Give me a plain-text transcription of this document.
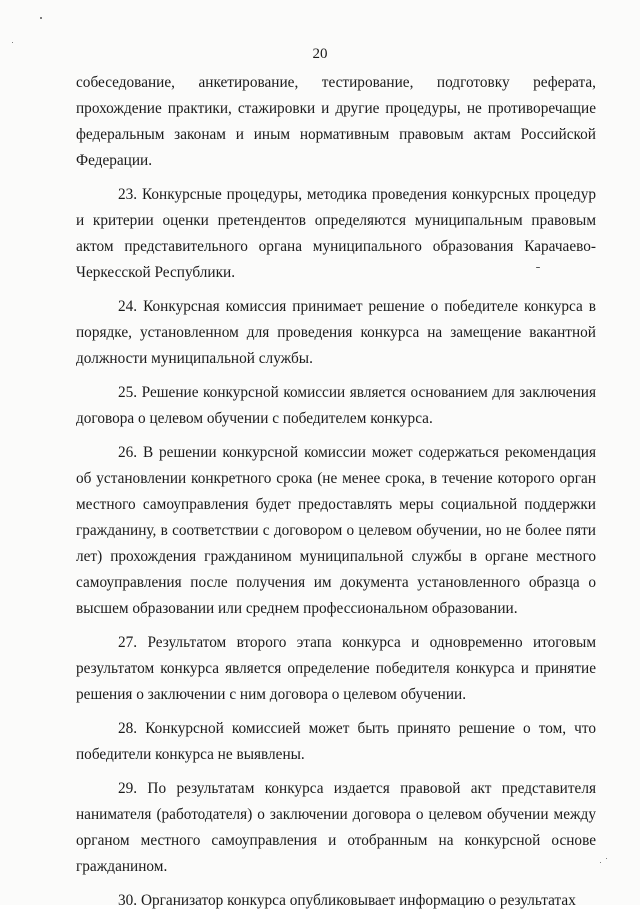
20

собеседование, анкетирование, тестирование, подготовку реферата, прохождение практики, стажировки и другие процедуры, не противоречащие федеральным законам и иным нормативным правовым актам Российской Федерации.

23. Конкурсные процедуры, методика проведения конкурсных процедур и критерии оценки претендентов определяются муниципальным правовым актом представительного органа муниципального образования Карачаево-Черкесской Республики.

24. Конкурсная комиссия принимает решение о победителе конкурса в порядке, установленном для проведения конкурса на замещение вакантной должности муниципальной службы.

25. Решение конкурсной комиссии является основанием для заключения договора о целевом обучении с победителем конкурса.

26. В решении конкурсной комиссии может содержаться рекомендация об установлении конкретного срока (не менее срока, в течение которого орган местного самоуправления будет предоставлять меры социальной поддержки гражданину, в соответствии с договором о целевом обучении, но не более пяти лет) прохождения гражданином муниципальной службы в органе местного самоуправления после получения им документа установленного образца о высшем образовании или среднем профессиональном образовании.

27. Результатом второго этапа конкурса и одновременно итоговым результатом конкурса является определение победителя конкурса и принятие решения о заключении с ним договора о целевом обучении.

28. Конкурсной комиссией может быть принято решение о том, что победители конкурса не выявлены.

29. По результатам конкурса издается правовой акт представителя нанимателя (работодателя) о заключении договора о целевом обучении между органом местного самоуправления и отобранным на конкурсной основе гражданином.

30. Организатор конкурса опубликовывает информацию о результатах
